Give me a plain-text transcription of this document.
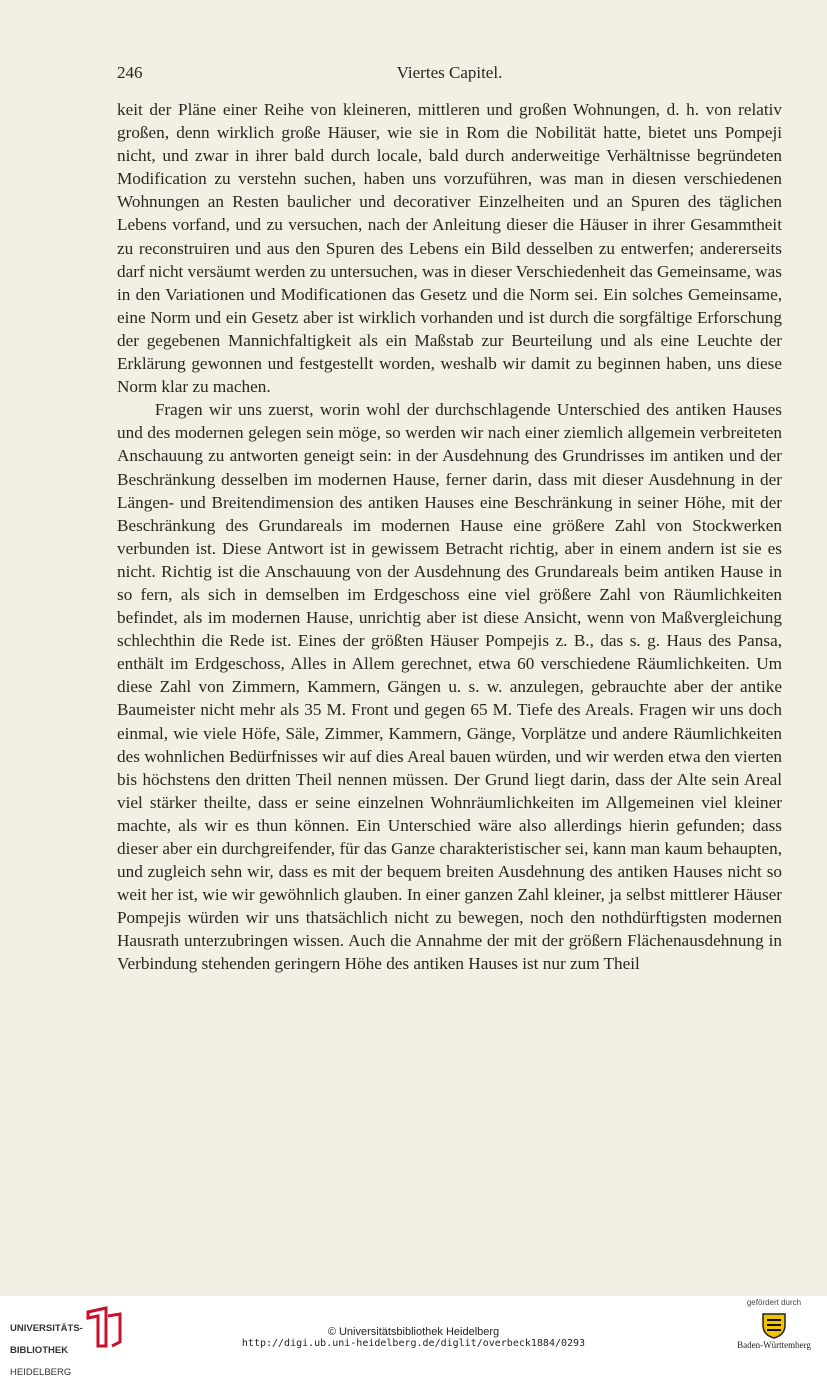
246	Viertes Capitel.

keit der Pläne einer Reihe von kleineren, mittleren und großen Wohnungen, d. h. von relativ großen, denn wirklich große Häuser, wie sie in Rom die Nobilität hatte, bietet uns Pompeji nicht, und zwar in ihrer bald durch locale, bald durch anderweitige Verhältnisse begründeten Modification zu verstehn suchen, haben uns vorzuführen, was man in diesen verschiedenen Wohnungen an Resten baulicher und decorativer Einzelheiten und an Spuren des täglichen Lebens vorfand, und zu versuchen, nach der Anleitung dieser die Häuser in ihrer Gesammtheit zu reconstruiren und aus den Spuren des Lebens ein Bild desselben zu entwerfen; andererseits darf nicht versäumt werden zu untersuchen, was in dieser Verschiedenheit das Gemeinsame, was in den Variationen und Modificationen das Gesetz und die Norm sei. Ein solches Gemeinsame, eine Norm und ein Gesetz aber ist wirklich vorhanden und ist durch die sorgfältige Erforschung der gegebenen Mannichfaltigkeit als ein Maßstab zur Beurteilung und als eine Leuchte der Erklärung gewonnen und festgestellt worden, weshalb wir damit zu beginnen haben, uns diese Norm klar zu machen.

Fragen wir uns zuerst, worin wohl der durchschlagende Unterschied des antiken Hauses und des modernen gelegen sein möge, so werden wir nach einer ziemlich allgemein verbreiteten Anschauung zu antworten geneigt sein: in der Ausdehnung des Grundrisses im antiken und der Beschränkung desselben im modernen Hause, ferner darin, dass mit dieser Ausdehnung in der Längen- und Breitendimension des antiken Hauses eine Beschränkung in seiner Höhe, mit der Beschränkung des Grundareals im modernen Hause eine größere Zahl von Stockwerken verbunden ist. Diese Antwort ist in gewissem Betracht richtig, aber in einem andern ist sie es nicht. Richtig ist die Anschauung von der Ausdehnung des Grundareals beim antiken Hause in so fern, als sich in demselben im Erdgeschoss eine viel größere Zahl von Räumlichkeiten befindet, als im modernen Hause, unrichtig aber ist diese Ansicht, wenn von Maßvergleichung schlechthin die Rede ist. Eines der größten Häuser Pompejis z. B., das s. g. Haus des Pansa, enthält im Erdgeschoss, Alles in Allem gerechnet, etwa 60 verschiedene Räumlichkeiten. Um diese Zahl von Zimmern, Kammern, Gängen u. s. w. anzulegen, gebrauchte aber der antike Baumeister nicht mehr als 35 M. Front und gegen 65 M. Tiefe des Areals. Fragen wir uns doch einmal, wie viele Höfe, Säle, Zimmer, Kammern, Gänge, Vorplätze und andere Räumlichkeiten des wohnlichen Bedürfnisses wir auf dies Areal bauen würden, und wir werden etwa den vierten bis höchstens den dritten Theil nennen müssen. Der Grund liegt darin, dass der Alte sein Areal viel stärker theilte, dass er seine einzelnen Wohnräumlichkeiten im Allgemeinen viel kleiner machte, als wir es thun können. Ein Unterschied wäre also allerdings hierin gefunden; dass dieser aber ein durchgreifender, für das Ganze charakteristischer sei, kann man kaum behaupten, und zugleich sehn wir, dass es mit der bequem breiten Ausdehnung des antiken Hauses nicht so weit her ist, wie wir gewöhnlich glauben. In einer ganzen Zahl kleiner, ja selbst mittlerer Häuser Pompejis würden wir uns thatsächlich nicht zu bewegen, noch den nothdürftigsten modernen Hausrath unterzubringen wissen. Auch die Annahme der mit der größern Flächenausdehnung in Verbindung stehenden geringern Höhe des antiken Hauses ist nur zum Theil

UNIVERSITÄTS-

BIBLIOTHEK

HEIDELBERG

© Universitätsbibliothek Heidelberg
http://digi.ub.uni-heidelberg.de/diglit/overbeck1884/0293
gefördert durch
Baden-Württemberg
